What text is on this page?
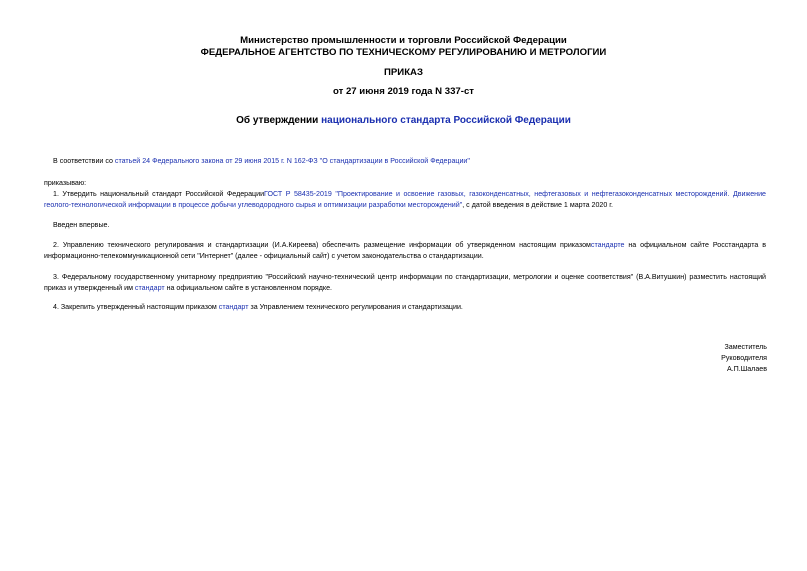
Министерство промышленности и торговли Российской Федерации
ФЕДЕРАЛЬНОЕ АГЕНТСТВО ПО ТЕХНИЧЕСКОМУ РЕГУЛИРОВАНИЮ И МЕТРОЛОГИИ
ПРИКАЗ
от 27 июня 2019 года N 337-ст
Об утверждении национального стандарта Российской Федерации
В соответствии со статьей 24 Федерального закона от 29 июня 2015 г. N 162-ФЗ "О стандартизации в Российской Федерации"
приказываю:
1. Утвердить национальный стандарт Российской ФедерацииГОСТ Р 58435-2019 "Проектирование и освоение газовых, газоконденсатных, нефтегазовых и нефтегазоконденсатных месторождений. Движение геолого-технологической информации в процессе добычи углеводородного сырья и оптимизации разработки месторождений", с датой введения в действие 1 марта 2020 г.
Введен впервые.
2. Управлению технического регулирования и стандартизации (И.А.Киреева) обеспечить размещение информации об утвержденном настоящим приказомстандарте на официальном сайте Росстандарта в информационно-телекоммуникационной сети "Интернет" (далее - официальный сайт) с учетом законодательства о стандартизации.
3. Федеральному государственному унитарному предприятию "Российский научно-технический центр информации по стандартизации, метрологии и оценке соответствия" (В.А.Витушкин) разместить настоящий приказ и утвержденный им стандарт на официальном сайте в установленном порядке.
4. Закрепить утвержденный настоящим приказом стандарт за Управлением технического регулирования и стандартизации.
Заместитель
Руководителя
А.П.Шалаев
